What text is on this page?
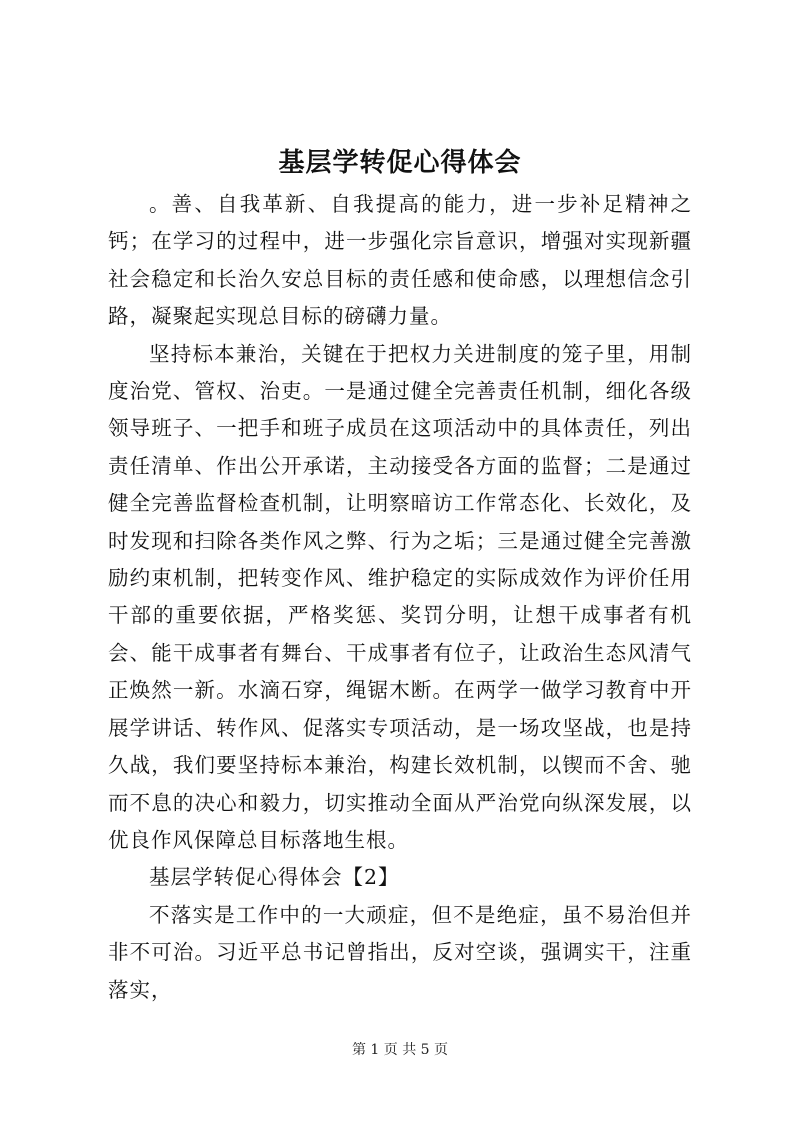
基层学转促心得体会

。善、自我革新、自我提高的能力，进一步补足精神之钙；在学习的过程中，进一步强化宗旨意识，增强对实现新疆社会稳定和长治久安总目标的责任感和使命感，以理想信念引路，凝聚起实现总目标的磅礴力量。

坚持标本兼治，关键在于把权力关进制度的笼子里，用制度治党、管权、治吏。一是通过健全完善责任机制，细化各级领导班子、一把手和班子成员在这项活动中的具体责任，列出责任清单、作出公开承诺，主动接受各方面的监督；二是通过健全完善监督检查机制，让明察暗访工作常态化、长效化，及时发现和扫除各类作风之弊、行为之垢；三是通过健全完善激励约束机制，把转变作风、维护稳定的实际成效作为评价任用干部的重要依据，严格奖惩、奖罚分明，让想干成事者有机会、能干成事者有舞台、干成事者有位子，让政治生态风清气正焕然一新。水滴石穿，绳锯木断。在两学一做学习教育中开展学讲话、转作风、促落实专项活动，是一场攻坚战，也是持久战，我们要坚持标本兼治，构建长效机制，以锲而不舍、驰而不息的决心和毅力，切实推动全面从严治党向纵深发展，以优良作风保障总目标落地生根。

基层学转促心得体会【2】

不落实是工作中的一大顽症，但不是绝症，虽不易治但并非不可治。习近平总书记曾指出，反对空谈，强调实干，注重落实，

第 1 页 共 5 页
